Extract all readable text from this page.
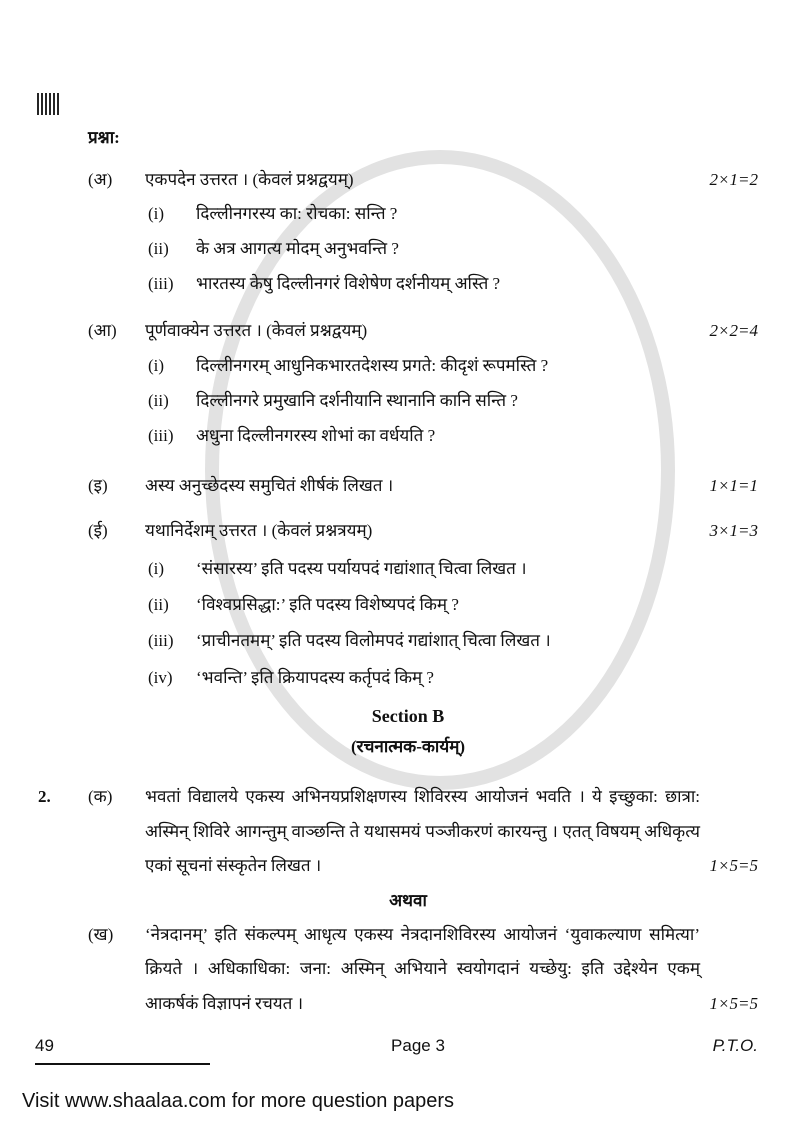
प्रश्ना:
(अ) एकपदेन उत्तरत । (केवलं प्रश्नद्वयम्)	2×1=2
(i) दिल्लीनगरस्य का: रोचका: सन्ति ?
(ii) के अत्र आगत्य मोदम् अनुभवन्ति ?
(iii) भारतस्य केषु दिल्लीनगरं विशेषेण दर्शनीयम् अस्ति ?
(आ) पूर्णवाक्येन उत्तरत । (केवलं प्रश्नद्वयम्)	2×2=4
(i) दिल्लीनगरम् आधुनिकभारतदेशस्य प्रगते: कीदृशं रूपमस्ति ?
(ii) दिल्लीनगरे प्रमुखानि दर्शनीयानि स्थानानि कानि सन्ति ?
(iii) अधुना दिल्लीनगरस्य शोभां का वर्धयति ?
(इ) अस्य अनुच्छेदस्य समुचितं शीर्षकं लिखत ।	1×1=1
(ई) यथानिर्देशम् उत्तरत । (केवलं प्रश्नत्रयम्)	3×1=3
(i) ‘संसारस्य’ इति पदस्य पर्यायपदं गद्यांशात् चित्वा लिखत ।
(ii) ‘विश्वप्रसिद्धा:’ इति पदस्य विशेष्यपदं किम् ?
(iii) ‘प्राचीनतमम्’ इति पदस्य विलोमपदं गद्यांशात् चित्वा लिखत ।
(iv) ‘भवन्ति’ इति क्रियापदस्य कर्तृपदं किम् ?
Section B
(रचनात्मक-कार्यम्)
2.	(क)	भवतां विद्यालये एकस्य अभिनयप्रशिक्षणस्य शिविरस्य आयोजनं भवति । ये इच्छुका: छात्रा: अस्मिन् शिविरे आगन्तुम् वाञ्छन्ति ते यथासमयं पञ्जीकरणं कारयन्तु । एतत् विषयम् अधिकृत्य एकां सूचनां संस्कृतेन लिखत ।	1×5=5
अथवा
(ख)	‘नेत्रदानम्’ इति संकल्पम् आधृत्य एकस्य नेत्रदानशिविरस्य आयोजनं ‘युवाकल्याण समित्या’ क्रियते । अधिकाधिका: जना: अस्मिन् अभियाने स्वयोगदानं यच्छेयु: इति उद्देश्येन एकम् आकर्षकं विज्ञापनं रचयत ।	1×5=5
49	Page 3	P.T.O.
Visit www.shaalaa.com for more question papers
